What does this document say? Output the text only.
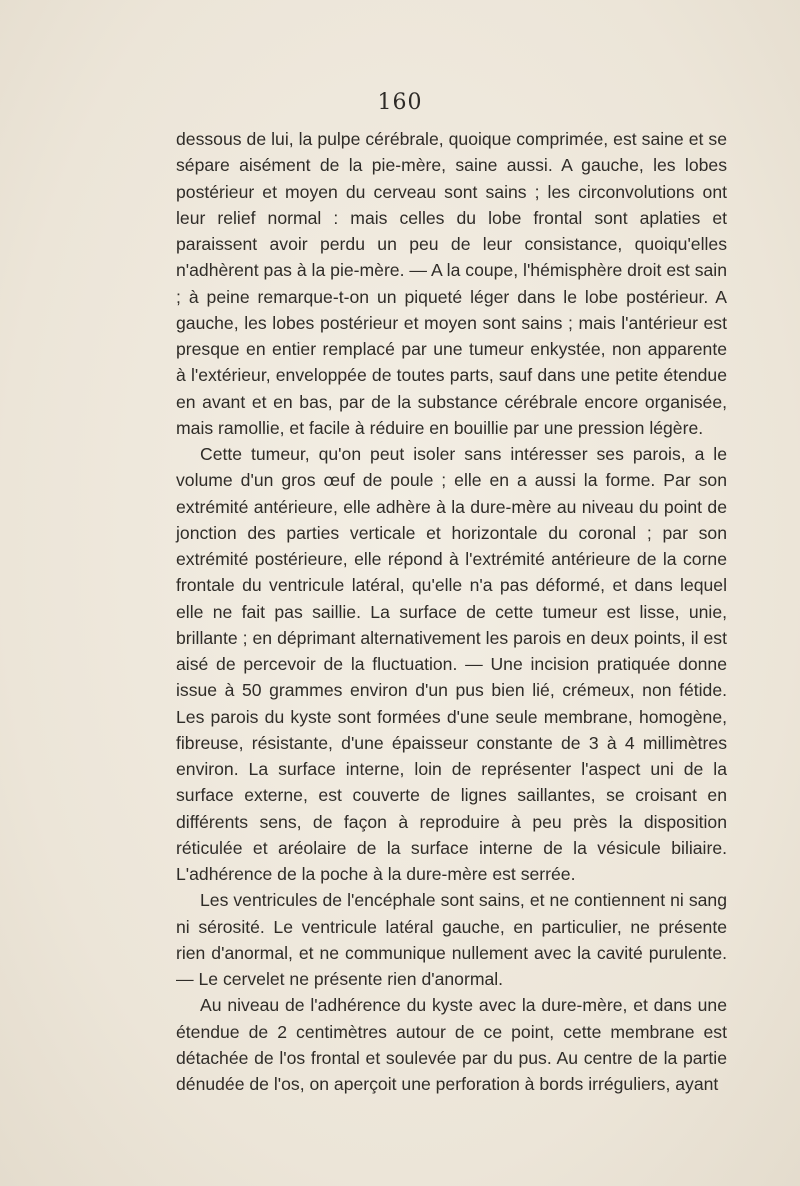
160

dessous de lui, la pulpe cérébrale, quoique comprimée, est saine et se sépare aisément de la pie-mère, saine aussi. A gauche, les lobes postérieur et moyen du cerveau sont sains ; les circonvolutions ont leur relief normal : mais celles du lobe frontal sont aplaties et paraissent avoir perdu un peu de leur consistance, quoiqu'elles n'adhèrent pas à la pie-mère. — A la coupe, l'hémisphère droit est sain ; à peine remarque-t-on un piqueté léger dans le lobe postérieur. A gauche, les lobes postérieur et moyen sont sains ; mais l'antérieur est presque en entier remplacé par une tumeur enkystée, non apparente à l'extérieur, enveloppée de toutes parts, sauf dans une petite étendue en avant et en bas, par de la substance cérébrale encore organisée, mais ramollie, et facile à réduire en bouillie par une pression légère.

Cette tumeur, qu'on peut isoler sans intéresser ses parois, a le volume d'un gros œuf de poule ; elle en a aussi la forme. Par son extrémité antérieure, elle adhère à la dure-mère au niveau du point de jonction des parties verticale et horizontale du coronal ; par son extrémité postérieure, elle répond à l'extrémité antérieure de la corne frontale du ventricule latéral, qu'elle n'a pas déformé, et dans lequel elle ne fait pas saillie. La surface de cette tumeur est lisse, unie, brillante ; en déprimant alternativement les parois en deux points, il est aisé de percevoir de la fluctuation. — Une incision pratiquée donne issue à 50 grammes environ d'un pus bien lié, crémeux, non fétide. Les parois du kyste sont formées d'une seule membrane, homogène, fibreuse, résistante, d'une épaisseur constante de 3 à 4 millimètres environ. La surface interne, loin de représenter l'aspect uni de la surface externe, est couverte de lignes saillantes, se croisant en différents sens, de façon à reproduire à peu près la disposition réticulée et aréolaire de la surface interne de la vésicule biliaire. L'adhérence de la poche à la dure-mère est serrée.

Les ventricules de l'encéphale sont sains, et ne contiennent ni sang ni sérosité. Le ventricule latéral gauche, en particulier, ne présente rien d'anormal, et ne communique nullement avec la cavité purulente. — Le cervelet ne présente rien d'anormal.

Au niveau de l'adhérence du kyste avec la dure-mère, et dans une étendue de 2 centimètres autour de ce point, cette membrane est détachée de l'os frontal et soulevée par du pus. Au centre de la partie dénudée de l'os, on aperçoit une perforation à bords irréguliers, ayant
